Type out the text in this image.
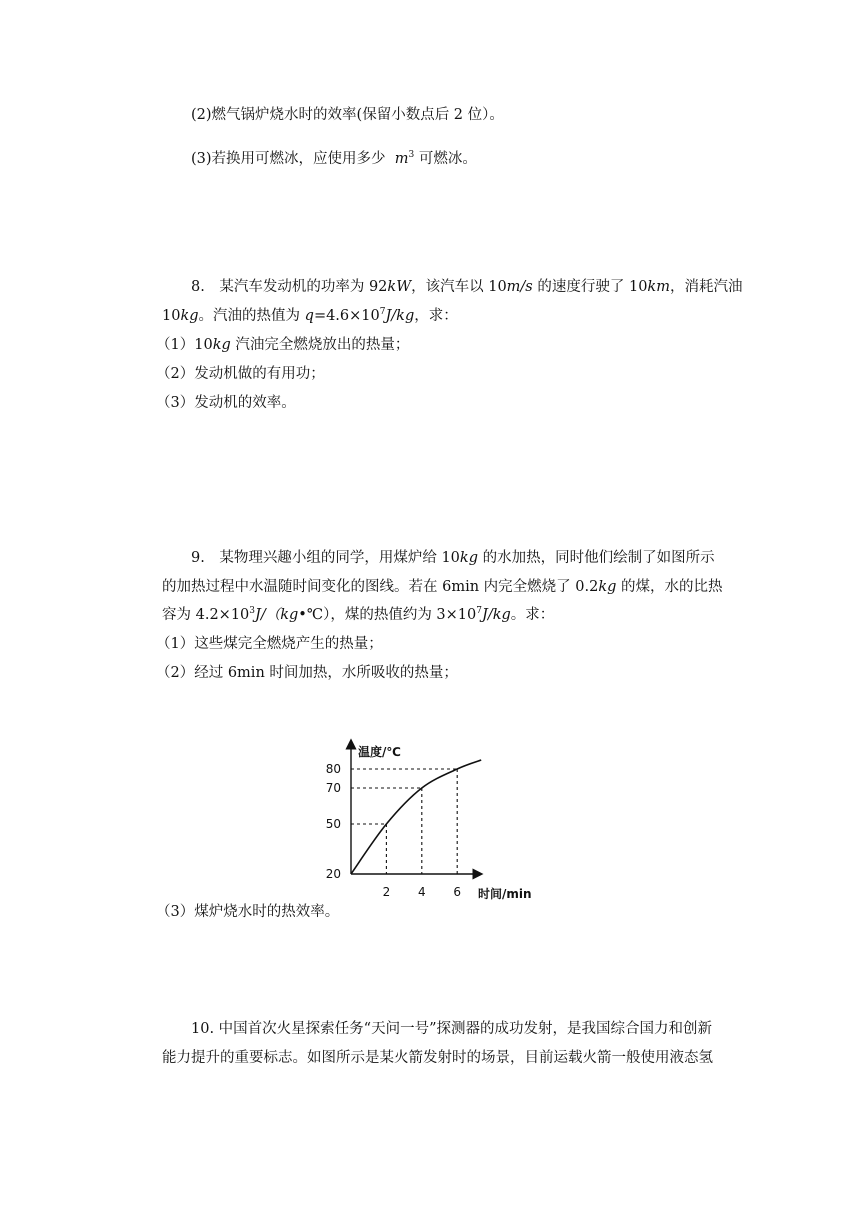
(2)燃气锅炉烧水时的效率(保留小数点后 2 位）。
(3)若换用可燃冰，应使用多少 $m^3$ 可燃冰。
8.　某汽车发动机的功率为 92kW，该汽车以 10m/s 的速度行驶了 10km，消耗汽油
10kg。汽油的热值为 $q=4.6\times 10^7J/kg$，求：
（1）10kg 汽油完全燃烧放出的热量；
（2）发动机做的有用功；
（3）发动机的效率。
9.　某物理兴趣小组的同学，用煤炉给 10kg 的水加热，同时他们绘制了如图所示
的加热过程中水温随时间变化的图线。若在 6min 内完全燃烧了 0.2kg 的煤，水的比热
容为 $4.2\times 10^3J/(kg•℃)$，煤的热值约为 $3\times 10^7J/kg$。求：
（1）这些煤完全燃烧产生的热量；
（2）经过 6min 时间加热，水所吸收的热量；
温度/℃
时间/min
20
50
70
80
2 4 6
（3）煤炉烧水时的热效率。
10. 中国首次火星探索任务“天问一号”探测器的成功发射，是我国综合国力和创新
能力提升的重要标志。如图所示是某火箭发射时的场景，目前运载火箭一般使用液态氢
